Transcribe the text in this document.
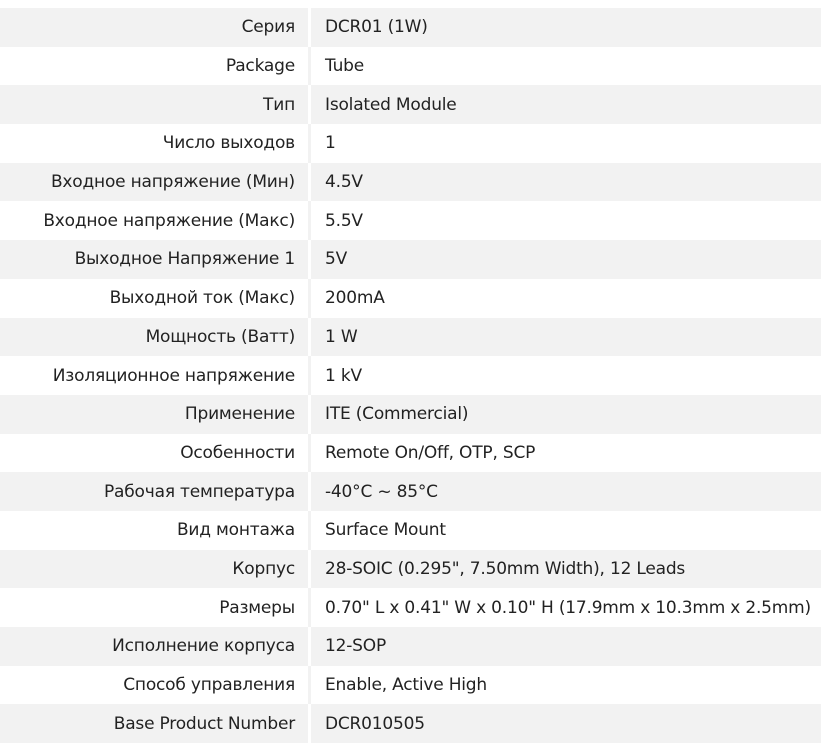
Серия	DCR01 (1W)
Package	Tube
Тип	Isolated Module
Число выходов	1
Входное напряжение (Мин)	4.5V
Входное напряжение (Макс)	5.5V
Выходное Напряжение 1	5V
Выходной ток (Макс)	200mA
Мощность (Ватт)	1 W
Изоляционное напряжение	1 kV
Применение	ITE (Commercial)
Особенности	Remote On/Off, OTP, SCP
Рабочая температура	-40°C ~ 85°C
Вид монтажа	Surface Mount
Корпус	28-SOIC (0.295", 7.50mm Width), 12 Leads
Размеры	0.70" L x 0.41" W x 0.10" H (17.9mm x 10.3mm x 2.5mm)
Исполнение корпуса	12-SOP
Способ управления	Enable, Active High
Base Product Number	DCR010505
